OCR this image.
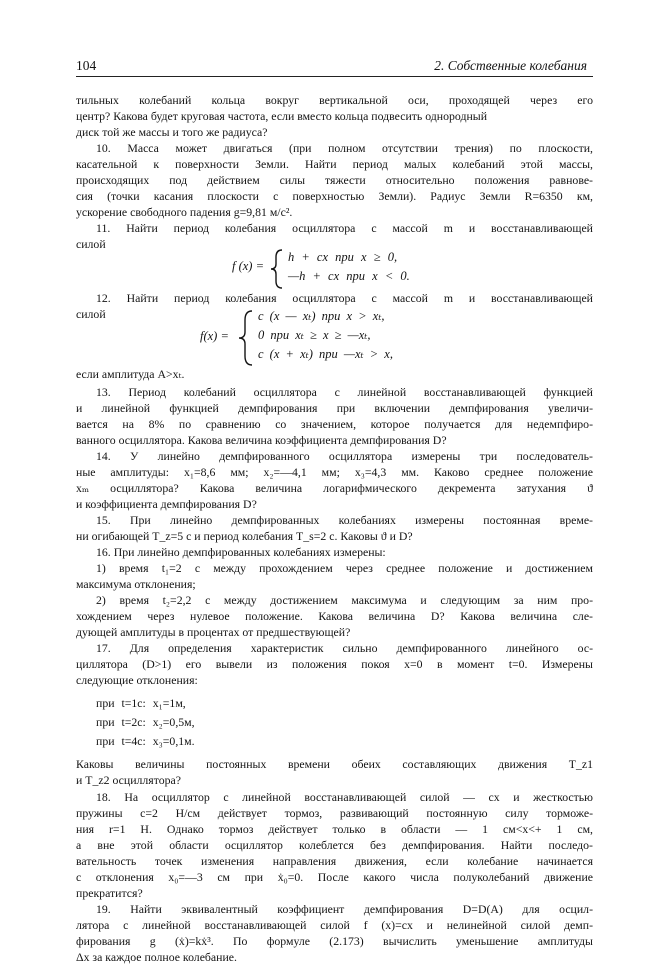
104	2. Собственные колебания
тильных колебаний кольца вокруг вертикальной оси, проходящей через его
центр? Какова будет круговая частота, если вместо кольца подвесить однородный
диск той же массы и того же радиуса?
10. Масса может двигаться (при полном отсутствии трения) по плоскости,
касательной к поверхности Земли. Найти период малых колебаний этой массы,
происходящих под действием силы тяжести относительно положения равнове-
сия (точки касания плоскости с поверхностью Земли). Радиус Земли R=6350 км,
ускорение свободного падения g=9,81 м/с².
11. Найти период колебания осциллятора с массой m и восстанавливающей
силой
f (x) =
h + cx при x ≥ 0,
—h + cx при x < 0.
12. Найти период колебания осциллятора с массой m и восстанавливающей
силой
f(x) =
c (x — xₜ) при x > xₜ,
0 при xₜ ≥ x ≥ —xₜ,
c (x + xₜ) при —xₜ > x,
если амплитуда A>xₜ.
13. Период колебаний осциллятора с линейной восстанавливающей функцией
и линейной функцией демпфирования при включении демпфирования увеличи-
вается на 8% по сравнению со значением, которое получается для недемпфиро-
ванного осциллятора. Какова величина коэффициента демпфирования D?
14. У линейно демпфированного осциллятора измерены три последователь-
ные амплитуды: x₁=8,6 мм; x₂=—4,1 мм; x₃=4,3 мм. Каково среднее положение
xₘ осциллятора? Какова величина логарифмического декремента затухания ϑ
и коэффициента демпфирования D?
15. При линейно демпфированных колебаниях измерены постоянная време-
ни огибающей T_z=5 с и период колебания T_s=2 с. Каковы ϑ и D?
16. При линейно демпфированных колебаниях измерены:
1) время t₁=2 с между прохождением через среднее положение и достижением
максимума отклонения;
2) время t₂=2,2 с между достижением максимума и следующим за ним про-
хождением через нулевое положение. Какова величина D? Какова величина сле-
дующей амплитуды в процентах от предшествующей?
17. Для определения характеристик сильно демпфированного линейного ос-
циллятора (D>1) его вывели из положения покоя x=0 в момент t=0. Измерены
следующие отклонения:
при t=1с: x₁=1м,
при t=2с: x₂=0,5м,
при t=4с: x₃=0,1м.
Каковы величины постоянных времени обеих составляющих движения T_z1
и T_z2 осциллятора?
18. На осциллятор с линейной восстанавливающей силой — cx и жесткостью
пружины c=2 Н/см действует тормоз, развивающий постоянную силу торможе-
ния r=1 Н. Однако тормоз действует только в области — 1 см<x<+ 1 см,
а вне этой области осциллятор колеблется без демпфирования. Найти последо-
вательность точек изменения направления движения, если колебание начинается
с отклонения x₀=—3 см при ẋ₀=0. После какого числа полуколебаний движение
прекратится?
19. Найти эквивалентный коэффициент демпфирования D=D(A) для осцил-
лятора с линейной восстанавливающей силой f (x)=cx и нелинейной силой демп-
фирования g (ẋ)=kẋ³. По формуле (2.173) вычислить уменьшение амплитуды
Δx за каждое полное колебание.
